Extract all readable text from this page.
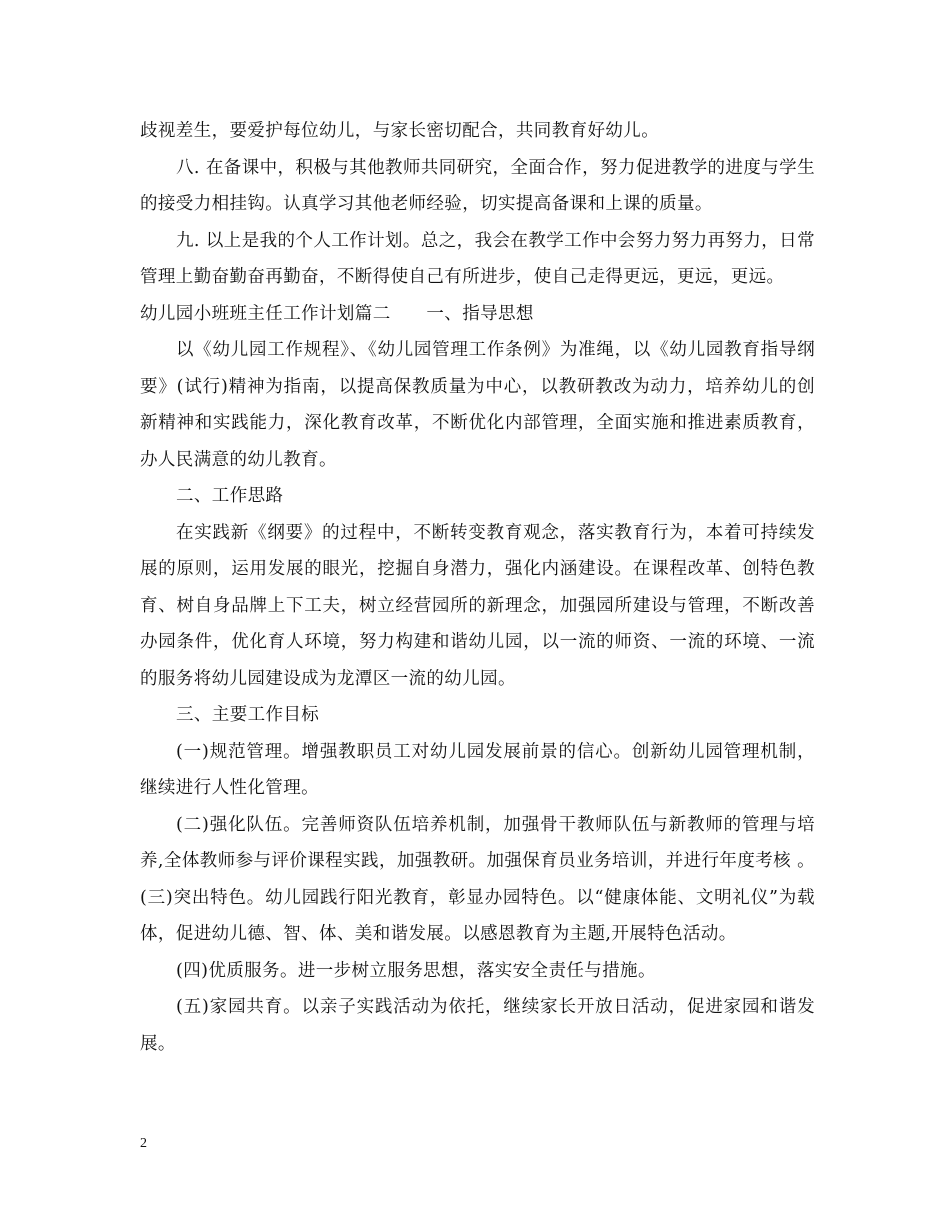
歧视差生，要爱护每位幼儿，与家长密切配合，共同教育好幼儿。

八. 在备课中，积极与其他教师共同研究，全面合作，努力促进教学的进度与学生的接受力相挂钩。认真学习其他老师经验，切实提高备课和上课的质量。

九. 以上是我的个人工作计划。总之，我会在教学工作中会努力努力再努力，日常管理上勤奋勤奋再勤奋，不断得使自己有所进步，使自己走得更远，更远，更远。

幼儿园小班班主任工作计划篇二　　一、指导思想

以《幼儿园工作规程》、《幼儿园管理工作条例》为准绳，以《幼儿园教育指导纲要》(试行)精神为指南，以提高保教质量为中心，以教研教改为动力，培养幼儿的创新精神和实践能力，深化教育改革，不断优化内部管理，全面实施和推进素质教育，办人民满意的幼儿教育。

二、工作思路

在实践新《纲要》的过程中，不断转变教育观念，落实教育行为，本着可持续发展的原则，运用发展的眼光，挖掘自身潜力，强化内涵建设。在课程改革、创特色教育、树自身品牌上下工夫，树立经营园所的新理念，加强园所建设与管理，不断改善办园条件，优化育人环境，努力构建和谐幼儿园，以一流的师资、一流的环境、一流的服务将幼儿园建设成为龙潭区一流的幼儿园。

三、主要工作目标

(一)规范管理。增强教职员工对幼儿园发展前景的信心。创新幼儿园管理机制，继续进行人性化管理。

(二)强化队伍。完善师资队伍培养机制，加强骨干教师队伍与新教师的管理与培养,全体教师参与评价课程实践，加强教研。加强保育员业务培训，并进行年度考核 。 (三)突出特色。幼儿园践行阳光教育，彰显办园特色。以“健康体能、文明礼仪”为载体，促进幼儿德、智、体、美和谐发展。以感恩教育为主题,开展特色活动。

(四)优质服务。进一步树立服务思想，落实安全责任与措施。

(五)家园共育。以亲子实践活动为依托，继续家长开放日活动，促进家园和谐发展。

2
